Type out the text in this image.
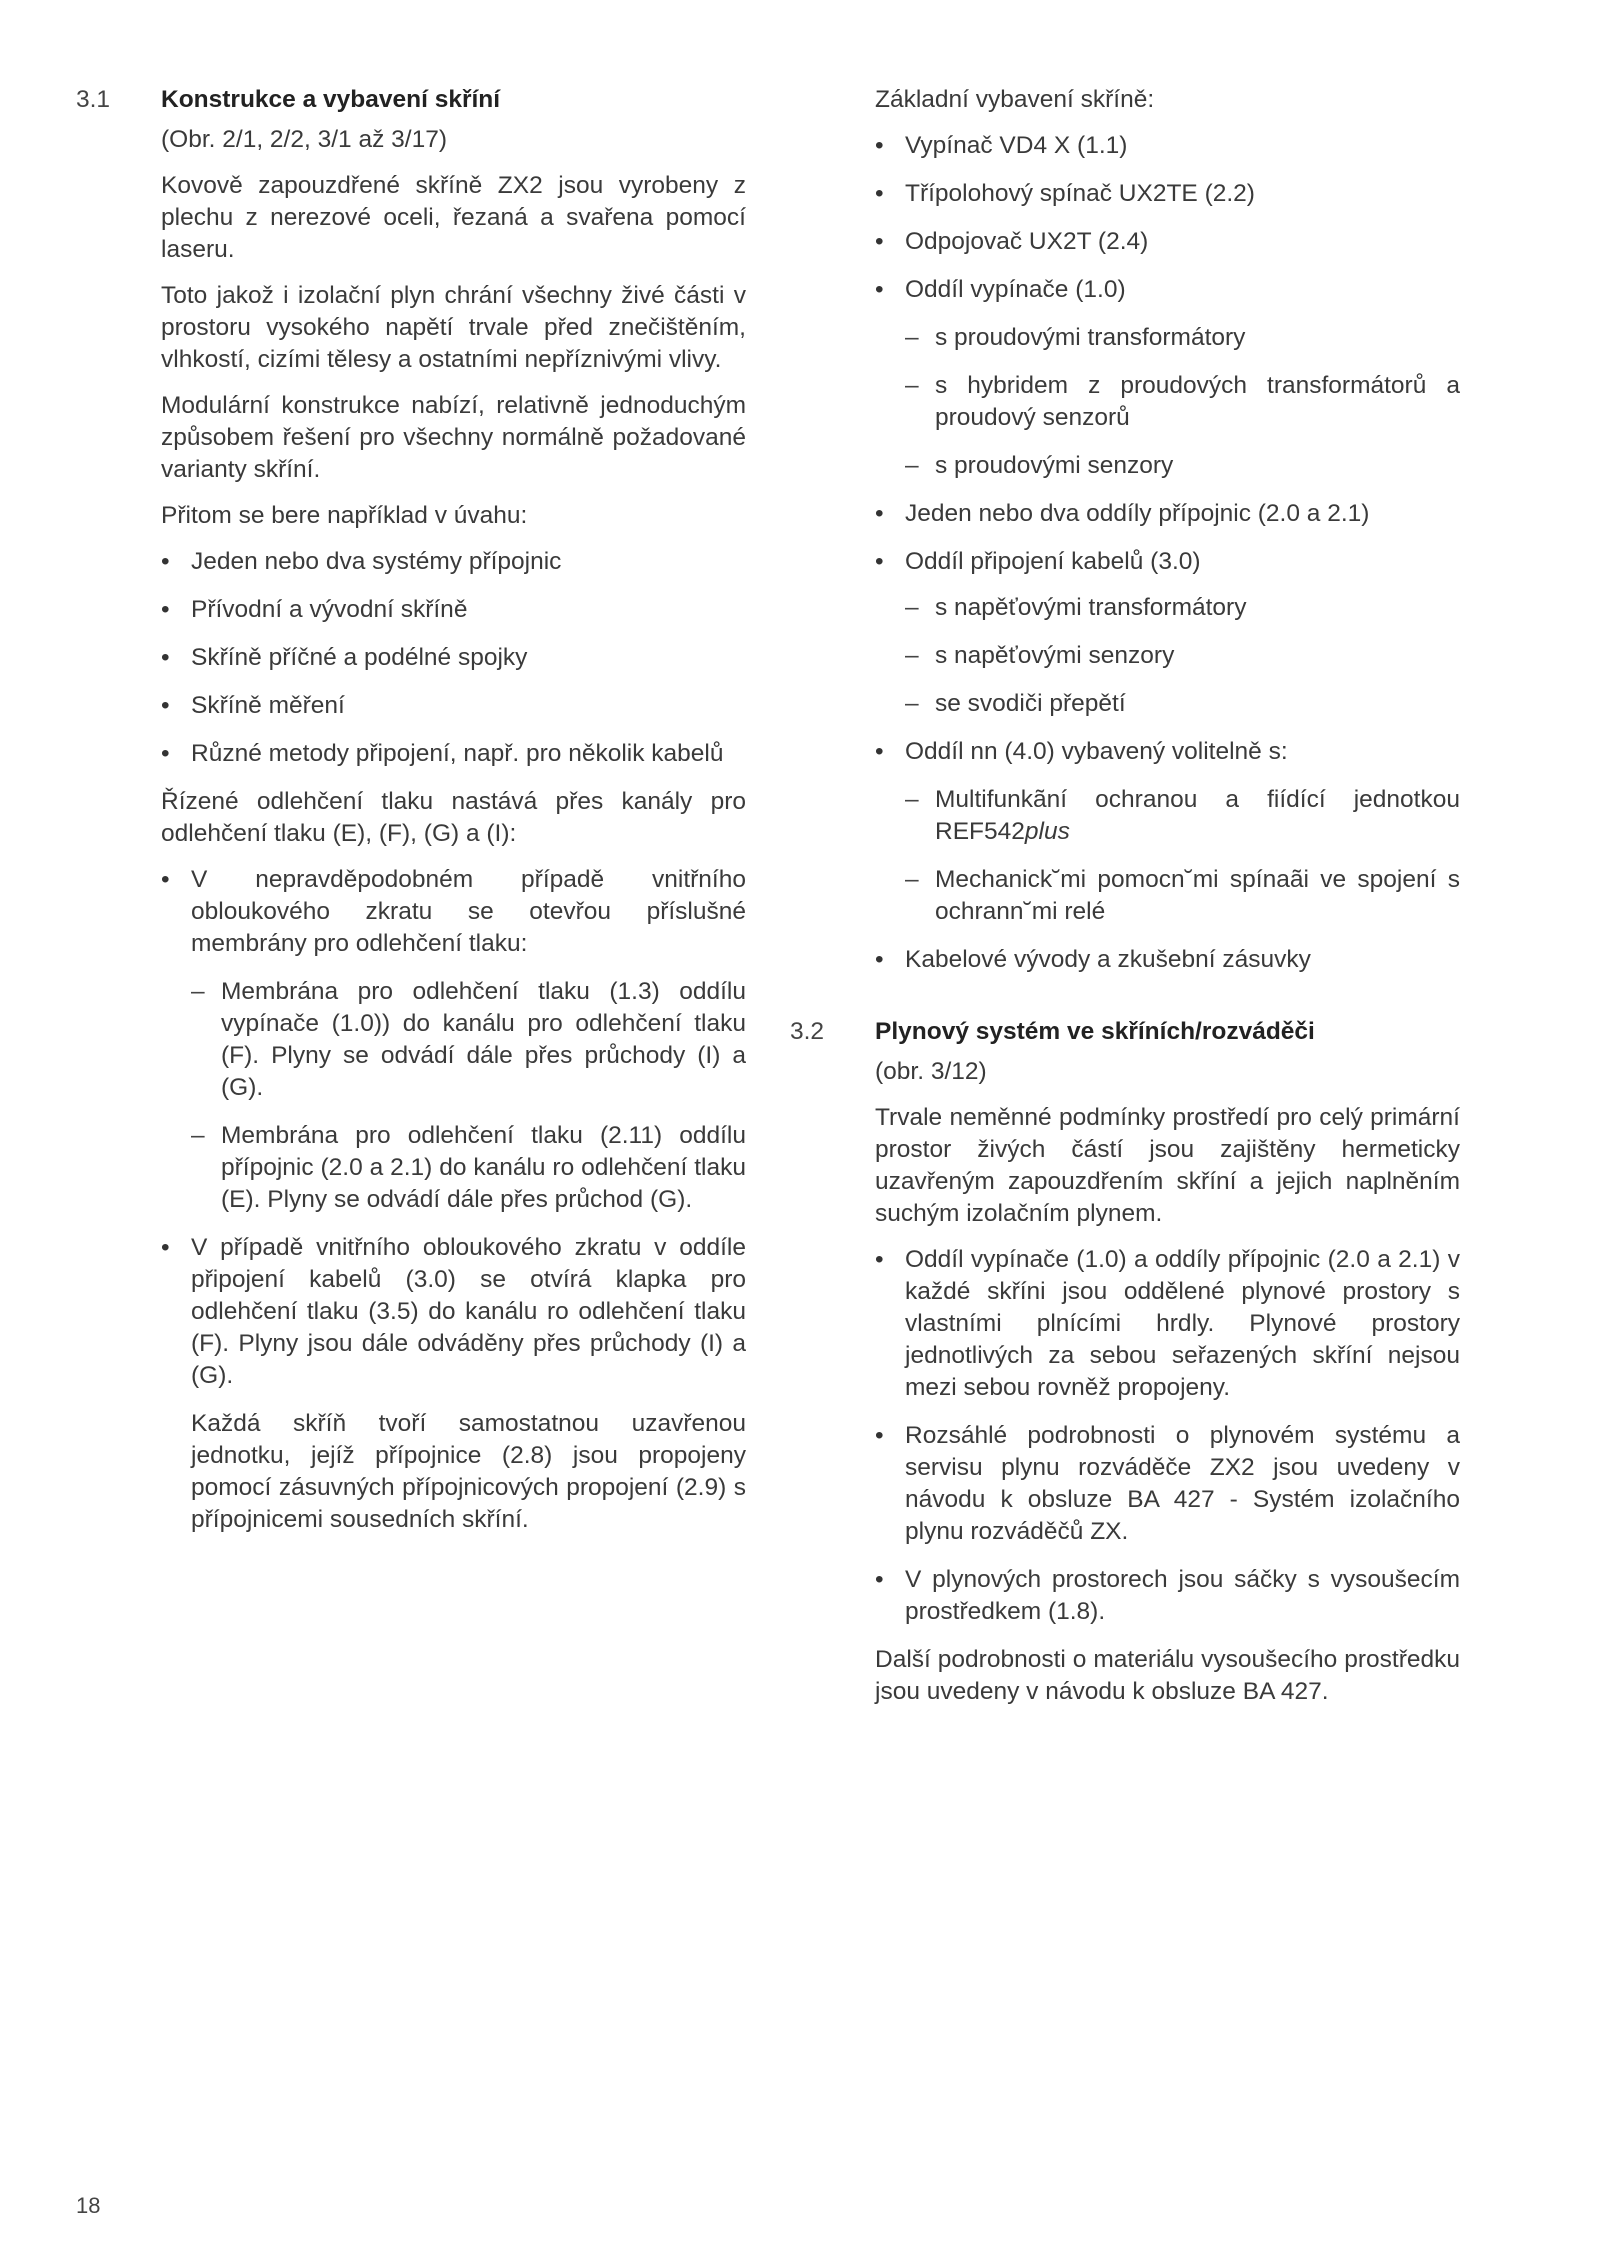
3.1	Konstrukce a vybavení skříní

(Obr. 2/1, 2/2, 3/1 až 3/17)

Kovově zapouzdřené skříně ZX2 jsou vyrobeny z plechu z nerezové oceli, řezaná a svařena pomocí laseru.

Toto jakož i izolační plyn chrání všechny živé části v prostoru vysokého napětí trvale před znečištěním, vlhkostí, cizími tělesy a ostatními nepříznivými vlivy.

Modulární konstrukce nabízí, relativně jednoduchým způsobem řešení pro všechny normálně požadované varianty skříní.

Přitom se bere například v úvahu:

• Jeden nebo dva systémy přípojnic
• Přívodní a vývodní skříně
• Skříně příčné a podélné spojky
• Skříně měření
• Různé metody připojení, např. pro několik kabelů

Řízené odlehčení tlaku nastává přes kanály pro odlehčení tlaku (E), (F), (G) a (I):

• V nepravděpodobném případě vnitřního obloukového zkratu se otevřou příslušné membrány pro odlehčení tlaku:
– Membrána pro odlehčení tlaku (1.3) oddílu vypínače (1.0)) do kanálu pro odlehčení tlaku (F). Plyny se odvádí dále přes průchody (I) a (G).
– Membrána pro odlehčení tlaku (2.11) oddílu přípojnic (2.0 a 2.1) do kanálu ro odlehčení tlaku (E). Plyny se odvádí dále přes průchod (G).
• V případě vnitřního obloukového zkratu v oddíle připojení kabelů (3.0) se otvírá klapka pro odlehčení tlaku (3.5) do kanálu ro odlehčení tlaku (F). Plyny jsou dále odváděny přes průchody (I) a (G).

Každá skříň tvoří samostatnou uzavřenou jednotku, jejíž přípojnice (2.8) jsou propojeny pomocí zásuvných přípojnicových propojení (2.9) s přípojnicemi sousedních skříní.

Základní vybavení skříně:

• Vypínač VD4 X (1.1)
• Třípolohový spínač UX2TE (2.2)
• Odpojovač UX2T (2.4)
• Oddíl vypínače (1.0)
– s proudovými transformátory
– s hybridem z proudových transformátorů a proudový senzorů
– s proudovými senzory
• Jeden nebo dva oddíly přípojnic (2.0 a 2.1)
• Oddíl připojení kabelů (3.0)
– s napěťovými transformátory
– s napěťovými senzory
– se svodiči přepětí
• Oddíl nn (4.0) vybavený volitelně s:
– Multifunkãní ochranou a fiídící jednotkou REF542plus
– Mechanick˘mi pomocn˘mi spínaãi ve spojení s ochrann˘mi relé
• Kabelové vývody a zkušební zásuvky
3.2	Plynový systém ve skříních/rozváděči

(obr. 3/12)

Trvale neměnné podmínky prostředí pro celý primární prostor živých částí jsou zajištěny hermeticky uzavřeným zapouzdřením skříní a jejich naplněním suchým izolačním plynem.

• Oddíl vypínače (1.0) a oddíly přípojnic (2.0 a 2.1) v každé skříni jsou oddělené plynové prostory s vlastními plnícími hrdly. Plynové prostory jednotlivých za sebou seřazených skříní nejsou mezi sebou rovněž propojeny.
• Rozsáhlé podrobnosti o plynovém systému a servisu plynu rozváděče ZX2 jsou uvedeny v návodu k obsluze BA 427 - Systém izolačního plynu rozváděčů ZX.
• V plynových prostorech jsou sáčky s vysoušecím prostředkem (1.8).

Další podrobnosti o materiálu vysoušecího prostředku jsou uvedeny v návodu k obsluze BA 427.

18
